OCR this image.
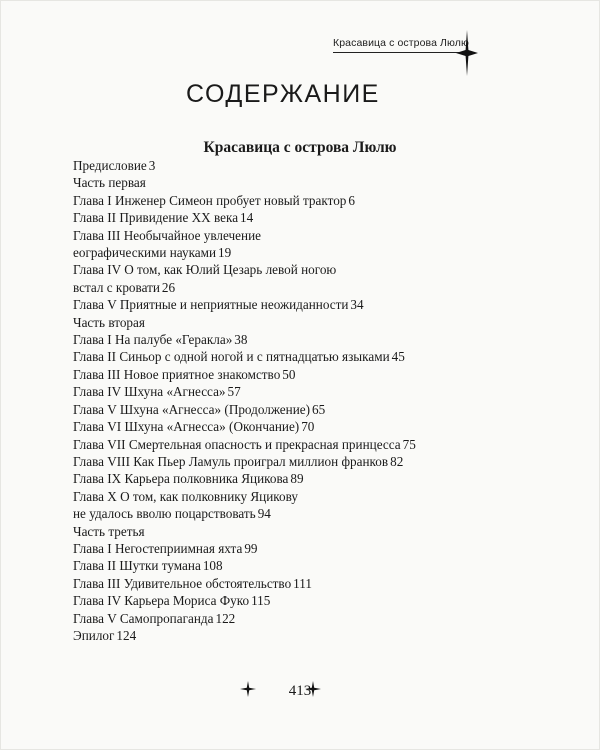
Красавица с острова Люлю
СОДЕРЖАНИЕ
Красавица с острова Люлю
Предисловие 3
Часть первая
Глава I Инженер Симеон пробует новый трактор 6
Глава II Привидение XX века 14
Глава III Необычайное увлечение
еографическими науками 19
Глава IV О том, как Юлий Цезарь левой ногою
встал с кровати 26
Глава V Приятные и неприятные неожиданности 34
Часть вторая
Глава I На палубе «Геракла» 38
Глава II Синьор с одной ногой и с пятнадцатью языками 45
Глава III Новое приятное знакомство 50
Глава IV Шхуна «Агнесса» 57
Глава V Шхуна «Агнесса» (Продолжение) 65
Глава VI Шхуна «Агнесса» (Окончание) 70
Глава VII Смертельная опасность и прекрасная принцесса 75
Глава VIII Как Пьер Ламуль проиграл миллион франков 82
Глава IX Карьера полковника Яцикова 89
Глава X О том, как полковнику Яцикову
не удалось вволю поцарствовать 94
Часть третья
Глава I Негостеприимная яхта 99
Глава II Шутки тумана 108
Глава III Удивительное обстоятельство 111
Глава IV Карьера Мориса Фуко 115
Глава V Самопропаганда 122
Эпилог 124
413
